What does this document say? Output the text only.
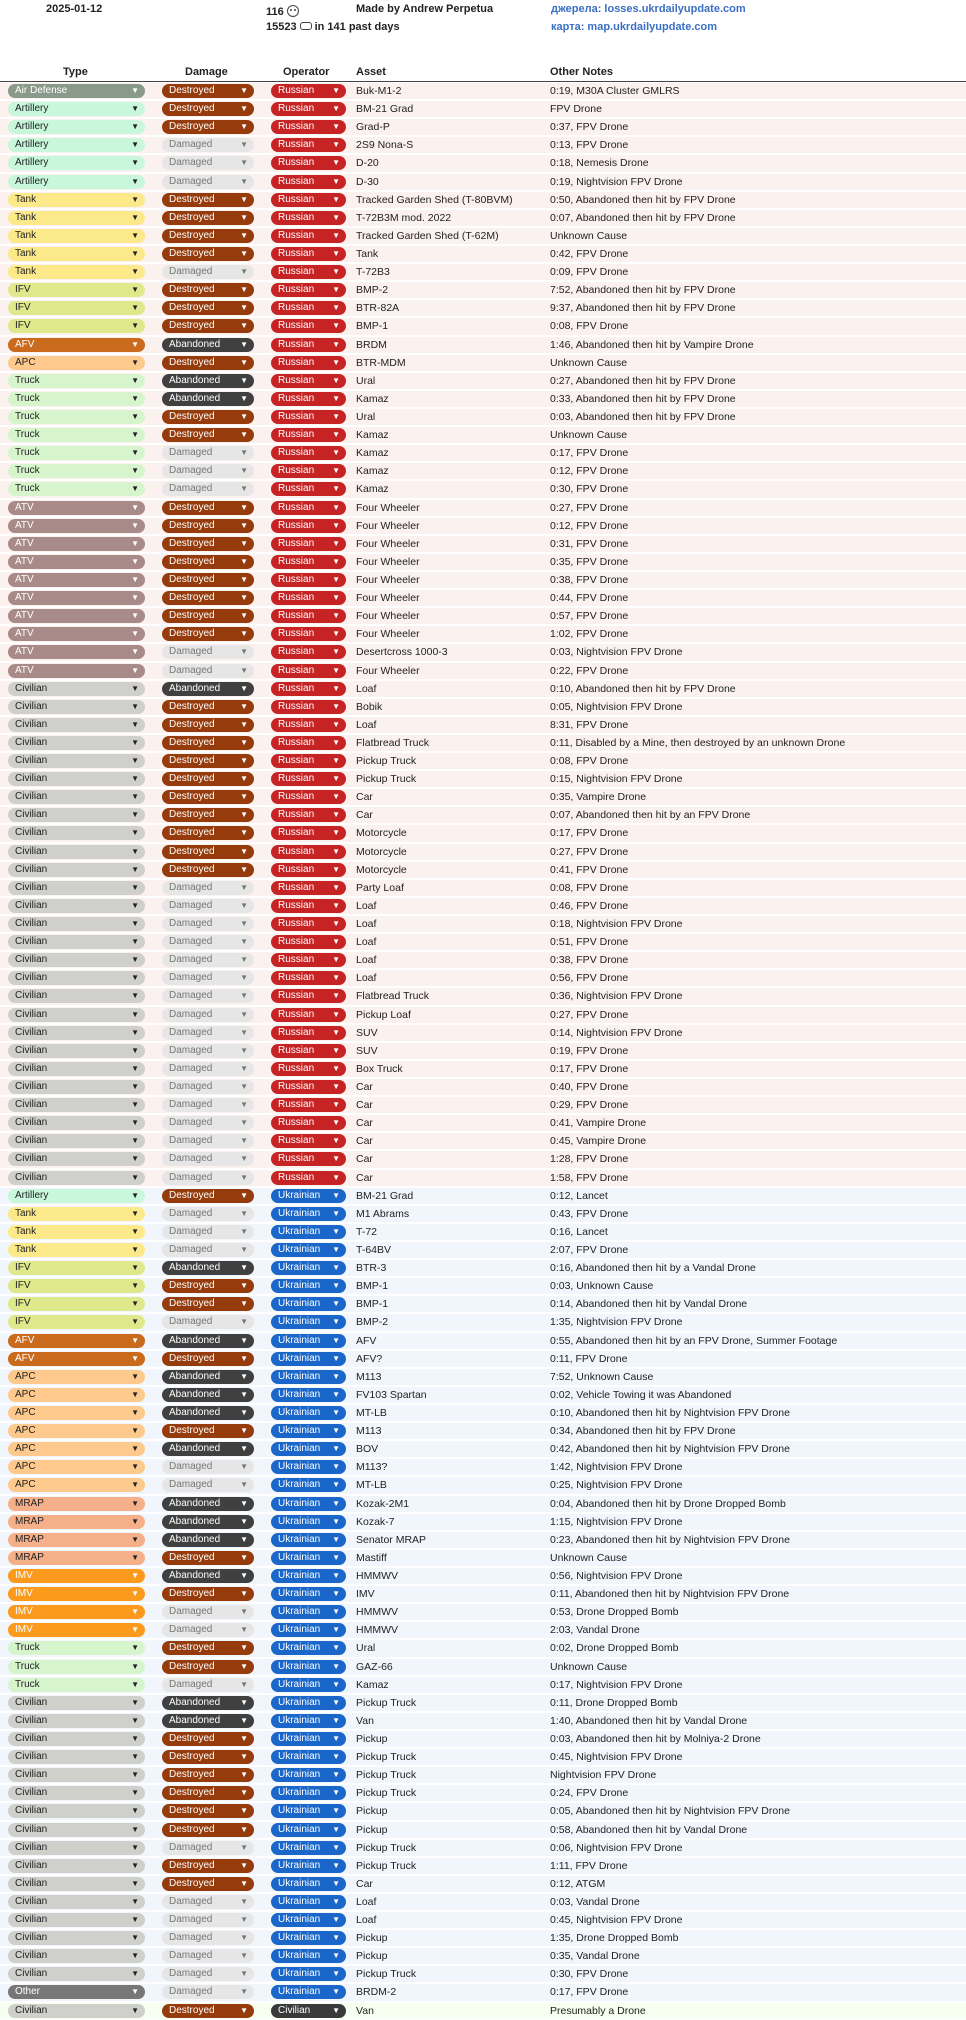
2025-01-12	116
15523 in 141 past days
Made by Andrew Perpetua	джерела: losses.ukrdailyupdate.com
карта: map.ukrdailyupdate.com
Type	Damage	Operator Asset	Other Notes
Air Defense	▼	Destroyed	▼	Russian ▼ Buk-M1-2	0:19, M30A Cluster GMLRS
Artillery	▼	Destroyed	▼	Russian ▼ BM-21 Grad	FPV Drone
Artillery	▼	Destroyed	▼	Russian ▼ Grad-P	0:37, FPV Drone
Artillery	▼	Damaged	▼	Russian ▼ 2S9 Nona-S	0:13, FPV Drone
Artillery	▼	Damaged	▼	Russian ▼ D-20	0:18, Nemesis Drone
Artillery	▼	Damaged	▼	Russian ▼ D-30	0:19, Nightvision FPV Drone
Tank	▼	Destroyed	▼	Russian ▼ Tracked Garden Shed (T-80BVM)	0:50, Abandoned then hit by FPV Drone
Tank	▼	Destroyed	▼	Russian ▼ T-72B3M mod. 2022	0:07, Abandoned then hit by FPV Drone
Tank	▼	Destroyed	▼	Russian ▼ Tracked Garden Shed (T-62M)	Unknown Cause
Tank	▼	Destroyed	▼	Russian ▼ Tank	0:42, FPV Drone
Tank	▼	Damaged	▼	Russian ▼ T-72B3	0:09, FPV Drone
IFV	▼	Destroyed	▼	Russian ▼ BMP-2	7:52, Abandoned then hit by FPV Drone
IFV	▼	Destroyed	▼	Russian ▼ BTR-82A	9:37, Abandoned then hit by FPV Drone
IFV	▼	Destroyed	▼	Russian ▼ BMP-1	0:08, FPV Drone
AFV	▼	Abandoned ▼	Russian ▼ BRDM	1:46, Abandoned then hit by Vampire Drone
APC	▼	Destroyed	▼	Russian ▼ BTR-MDM	Unknown Cause
Truck	▼	Abandoned ▼	Russian ▼ Ural	0:27, Abandoned then hit by FPV Drone
Truck	▼	Abandoned ▼	Russian ▼ Kamaz	0:33, Abandoned then hit by FPV Drone
Truck	▼	Destroyed	▼	Russian ▼ Ural	0:03, Abandoned then hit by FPV Drone
Truck	▼	Destroyed	▼	Russian ▼ Kamaz	Unknown Cause
Truck	▼	Damaged	▼	Russian ▼ Kamaz	0:17, FPV Drone
Truck	▼	Damaged	▼	Russian ▼ Kamaz	0:12, FPV Drone
Truck	▼	Damaged	▼	Russian ▼ Kamaz	0:30, FPV Drone
ATV	▼	Destroyed	▼	Russian ▼ Four Wheeler	0:27, FPV Drone
ATV	▼	Destroyed	▼	Russian ▼ Four Wheeler	0:12, FPV Drone
ATV	▼	Destroyed	▼	Russian ▼ Four Wheeler	0:31, FPV Drone
ATV	▼	Destroyed	▼	Russian ▼ Four Wheeler	0:35, FPV Drone
ATV	▼	Destroyed	▼	Russian ▼ Four Wheeler	0:38, FPV Drone
ATV	▼	Destroyed	▼	Russian ▼ Four Wheeler	0:44, FPV Drone
ATV	▼	Destroyed	▼	Russian ▼ Four Wheeler	0:57, FPV Drone
ATV	▼	Destroyed	▼	Russian ▼ Four Wheeler	1:02, FPV Drone
ATV	▼	Damaged	▼	Russian ▼ Desertcross 1000-3	0:03, Nightvision FPV Drone
ATV	▼	Damaged	▼	Russian ▼ Four Wheeler	0:22, FPV Drone
Civilian	▼	Abandoned ▼	Russian ▼ Loaf	0:10, Abandoned then hit by FPV Drone
Civilian	▼	Destroyed	▼	Russian ▼ Bobik	0:05, Nightvision FPV Drone
Civilian	▼	Destroyed	▼	Russian ▼ Loaf	8:31, FPV Drone
Civilian	▼	Destroyed	▼	Russian ▼ Flatbread Truck	0:11, Disabled by a Mine, then destroyed by an unknown Drone
Civilian	▼	Destroyed	▼	Russian ▼ Pickup Truck	0:08, FPV Drone
Civilian	▼	Destroyed	▼	Russian ▼ Pickup Truck	0:15, Nightvision FPV Drone
Civilian	▼	Destroyed	▼	Russian ▼ Car	0:35, Vampire Drone
Civilian	▼	Destroyed	▼	Russian ▼ Car	0:07, Abandoned then hit by an FPV Drone
Civilian	▼	Destroyed	▼	Russian ▼ Motorcycle	0:17, FPV Drone
Civilian	▼	Destroyed	▼	Russian ▼ Motorcycle	0:27, FPV Drone
Civilian	▼	Destroyed	▼	Russian ▼ Motorcycle	0:41, FPV Drone
Civilian	▼	Damaged	▼	Russian ▼ Party Loaf	0:08, FPV Drone
Civilian	▼	Damaged	▼	Russian ▼ Loaf	0:46, FPV Drone
Civilian	▼	Damaged	▼	Russian ▼ Loaf	0:18, Nightvision FPV Drone
Civilian	▼	Damaged	▼	Russian ▼ Loaf	0:51, FPV Drone
Civilian	▼	Damaged	▼	Russian ▼ Loaf	0:38, FPV Drone
Civilian	▼	Damaged	▼	Russian ▼ Loaf	0:56, FPV Drone
Civilian	▼	Damaged	▼	Russian ▼ Flatbread Truck	0:36, Nightvision FPV Drone
Civilian	▼	Damaged	▼	Russian ▼ Pickup Loaf	0:27, FPV Drone
Civilian	▼	Damaged	▼	Russian ▼ SUV	0:14, Nightvision FPV Drone
Civilian	▼	Damaged	▼	Russian ▼ SUV	0:19, FPV Drone
Civilian	▼	Damaged	▼	Russian ▼ Box Truck	0:17, FPV Drone
Civilian	▼	Damaged	▼	Russian ▼ Car	0:40, FPV Drone
Civilian	▼	Damaged	▼	Russian ▼ Car	0:29, FPV Drone
Civilian	▼	Damaged	▼	Russian ▼ Car	0:41, Vampire Drone
Civilian	▼	Damaged	▼	Russian ▼ Car	0:45, Vampire Drone
Civilian	▼	Damaged	▼	Russian ▼ Car	1:28, FPV Drone
Civilian	▼	Damaged	▼	Russian ▼ Car	1:58, FPV Drone
Artillery	▼	Destroyed	▼	Ukrainian ▼ BM-21 Grad	0:12, Lancet
Tank	▼	Damaged	▼	Ukrainian ▼ M1 Abrams	0:43, FPV Drone
Tank	▼	Damaged	▼	Ukrainian ▼ T-72	0:16, Lancet
Tank	▼	Damaged	▼	Ukrainian ▼ T-64BV	2:07, FPV Drone
IFV	▼	Abandoned ▼	Ukrainian ▼ BTR-3	0:16, Abandoned then hit by a Vandal Drone
IFV	▼	Destroyed	▼	Ukrainian ▼ BMP-1	0:03, Unknown Cause
IFV	▼	Destroyed	▼	Ukrainian ▼ BMP-1	0:14, Abandoned then hit by Vandal Drone
IFV	▼	Damaged	▼	Ukrainian ▼ BMP-2	1:35, Nightvision FPV Drone
AFV	▼	Abandoned ▼	Ukrainian ▼ AFV	0:55, Abandoned then hit by an FPV Drone, Summer Footage
AFV	▼	Destroyed	▼	Ukrainian ▼ AFV?	0:11, FPV Drone
APC	▼	Abandoned ▼	Ukrainian ▼ M113	7:52, Unknown Cause
APC	▼	Abandoned ▼	Ukrainian ▼ FV103 Spartan	0:02, Vehicle Towing it was Abandoned
APC	▼	Abandoned ▼	Ukrainian ▼ MT-LB	0:10, Abandoned then hit by Nightvision FPV Drone
APC	▼	Destroyed	▼	Ukrainian ▼ M113	0:34, Abandoned then hit by FPV Drone
APC	▼	Abandoned ▼	Ukrainian ▼ BOV	0:42, Abandoned then hit by Nightvision FPV Drone
APC	▼	Damaged	▼	Ukrainian ▼ M113?	1:42, Nightvision FPV Drone
APC	▼	Damaged	▼	Ukrainian ▼ MT-LB	0:25, Nightvision FPV Drone
MRAP	▼	Abandoned ▼	Ukrainian ▼ Kozak-2M1	0:04, Abandoned then hit by Drone Dropped Bomb
MRAP	▼	Abandoned ▼	Ukrainian ▼ Kozak-7	1:15, Nightvision FPV Drone
MRAP	▼	Abandoned ▼	Ukrainian ▼ Senator MRAP	0:23, Abandoned then hit by Nightvision FPV Drone
MRAP	▼	Destroyed	▼	Ukrainian ▼ Mastiff	Unknown Cause
IMV	▼	Abandoned ▼	Ukrainian ▼ HMMWV	0:56, Nightvision FPV Drone
IMV	▼	Destroyed	▼	Ukrainian ▼ IMV	0:11, Abandoned then hit by Nightvision FPV Drone
IMV	▼	Damaged	▼	Ukrainian ▼ HMMWV	0:53, Drone Dropped Bomb
IMV	▼	Damaged	▼	Ukrainian ▼ HMMWV	2:03, Vandal Drone
Truck	▼	Destroyed	▼	Ukrainian ▼ Ural	0:02, Drone Dropped Bomb
Truck	▼	Destroyed	▼	Ukrainian ▼ GAZ-66	Unknown Cause
Truck	▼	Damaged	▼	Ukrainian ▼ Kamaz	0:17, Nightvision FPV Drone
Civilian	▼	Abandoned ▼	Ukrainian ▼ Pickup Truck	0:11, Drone Dropped Bomb
Civilian	▼	Abandoned ▼	Ukrainian ▼ Van	1:40, Abandoned then hit by Vandal Drone
Civilian	▼	Destroyed	▼	Ukrainian ▼ Pickup	0:03, Abandoned then hit by Molniya-2 Drone
Civilian	▼	Destroyed	▼	Ukrainian ▼ Pickup Truck	0:45, Nightvision FPV Drone
Civilian	▼	Destroyed	▼	Ukrainian ▼ Pickup Truck	Nightvision FPV Drone
Civilian	▼	Destroyed	▼	Ukrainian ▼ Pickup Truck	0:24, FPV Drone
Civilian	▼	Destroyed	▼	Ukrainian ▼ Pickup	0:05, Abandoned then hit by Nightvision FPV Drone
Civilian	▼	Destroyed	▼	Ukrainian ▼ Pickup	0:58, Abandoned then hit by Vandal Drone
Civilian	▼	Damaged	▼	Ukrainian ▼ Pickup Truck	0:06, Nightvision FPV Drone
Civilian	▼	Destroyed	▼	Ukrainian ▼ Pickup Truck	1:11, FPV Drone
Civilian	▼	Destroyed	▼	Ukrainian ▼ Car	0:12, ATGM
Civilian	▼	Damaged	▼	Ukrainian ▼ Loaf	0:03, Vandal Drone
Civilian	▼	Damaged	▼	Ukrainian ▼ Loaf	0:45, Nightvision FPV Drone
Civilian	▼	Damaged	▼	Ukrainian ▼ Pickup	1:35, Drone Dropped Bomb
Civilian	▼	Damaged	▼	Ukrainian ▼ Pickup	0:35, Vandal Drone
Civilian	▼	Damaged	▼	Ukrainian ▼ Pickup Truck	0:30, FPV Drone
Other	▼	Damaged	▼	Ukrainian ▼ BRDM-2	0:17, FPV Drone
Civilian	▼	Destroyed	▼	Civilian	▼ Van	Presumably a Drone
